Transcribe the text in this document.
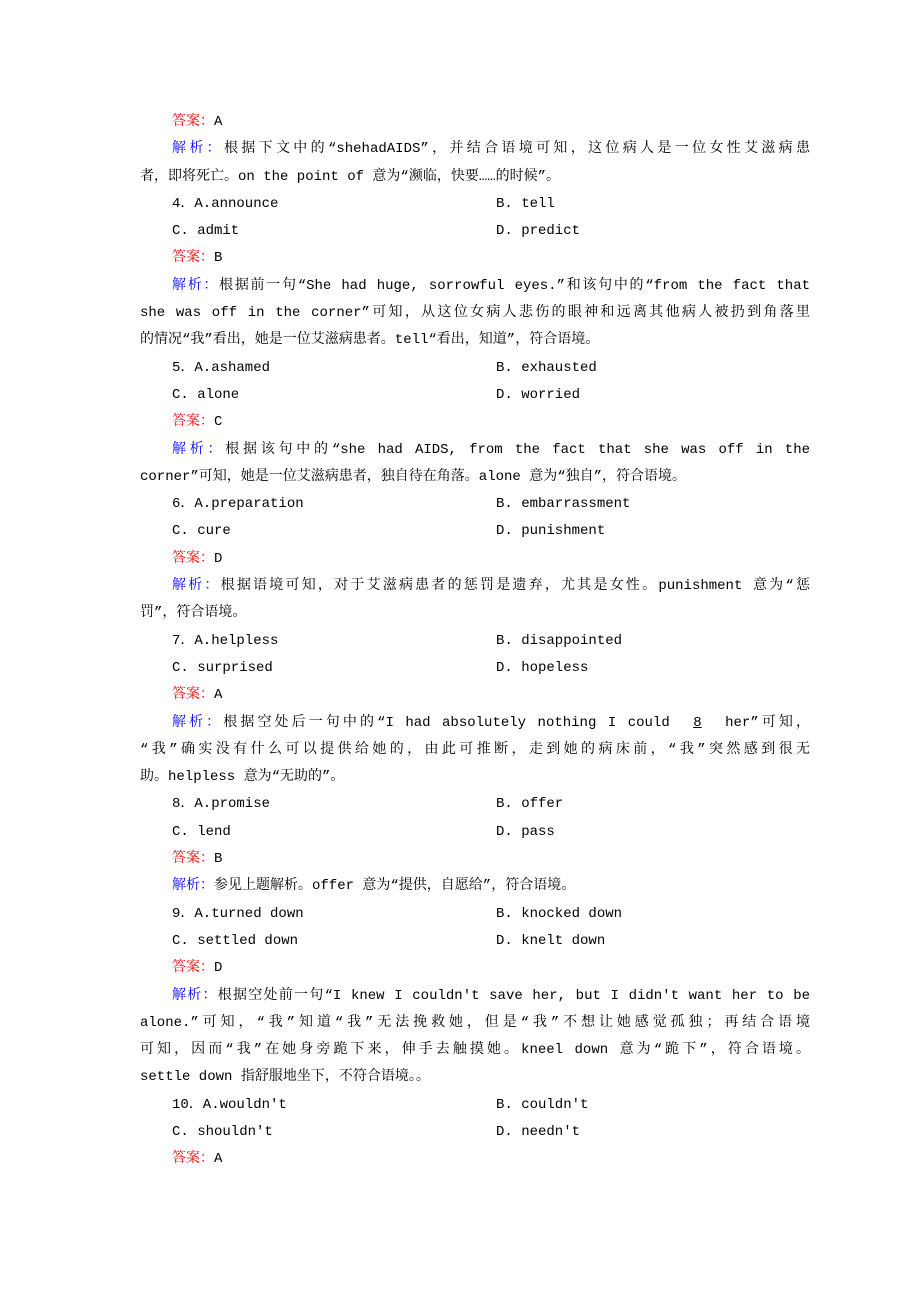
答案：A
解析：根据下文中的“shehadAIDS”，并结合语境可知，这位病人是一位女性艾滋病患
者，即将死亡。on the point of 意为“濒临，快要……的时候”。
4．A.announce	B. tell
C. admit	D. predict
答案：B
解析：根据前一句“She had huge, sorrowful eyes.”和该句中的“from the fact that
she was off in the corner”可知，从这位女病人悲伤的眼神和远离其他病人被扔到角落里
的情况“我”看出，她是一位艾滋病患者。tell“看出，知道”，符合语境。
5．A.ashamed	B. exhausted
C. alone	D. worried
答案：C
解析：根据该句中的“she had AIDS, from the fact that she was off in the
corner”可知，她是一位艾滋病患者，独自待在角落。alone 意为“独自”，符合语境。
6．A.preparation	B. embarrassment
C. cure	D. punishment
答案：D
解析：根据语境可知，对于艾滋病患者的惩罚是遗弃，尤其是女性。punishment 意为“惩
罚”，符合语境。
7．A.helpless	B. disappointed
C. surprised	D. hopeless
答案：A
解析：根据空处后一句中的“I had absolutely nothing I could 8 her”可知，
“我”确实没有什么可以提供给她的，由此可推断，走到她的病床前，“我”突然感到很无
助。helpless 意为“无助的”。
8．A.promise	B. offer
C. lend	D. pass
答案：B
解析：参见上题解析。offer 意为“提供，自愿给”，符合语境。
9．A.turned down	B. knocked down
C. settled down	D. knelt down
答案：D
解析：根据空处前一句“I knew I couldn't save her, but I didn't want her to be
alone.”可知，“我”知道“我”无法挽救她，但是“我”不想让她感觉孤独；再结合语境
可知，因而“我”在她身旁跪下来，伸手去触摸她。kneel down 意为“跪下”，符合语境。
settle down 指舒服地坐下，不符合语境。。
10．A.wouldn't	B. couldn't
C. shouldn't	D. needn't
答案：A
